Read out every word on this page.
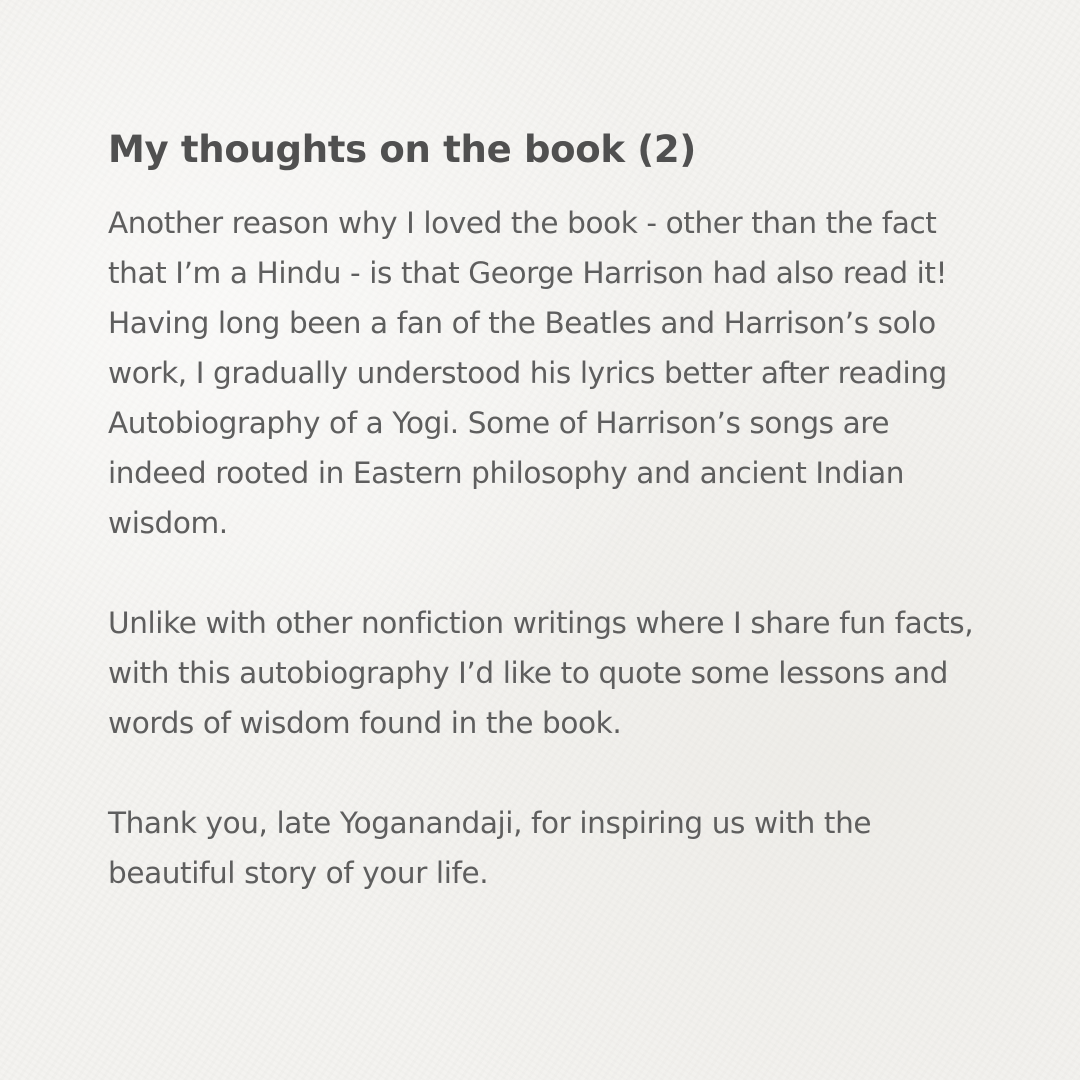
My thoughts on the book (2)

Another reason why I loved the book - other than the fact
that I’m a Hindu - is that George Harrison had also read it!
Having long been a fan of the Beatles and Harrison’s solo
work, I gradually understood his lyrics better after reading
Autobiography of a Yogi. Some of Harrison’s songs are
indeed rooted in Eastern philosophy and ancient Indian
wisdom.

Unlike with other nonfiction writings where I share fun facts,
with this autobiography I’d like to quote some lessons and
words of wisdom found in the book.

Thank you, late Yoganandaji, for inspiring us with the
beautiful story of your life.
